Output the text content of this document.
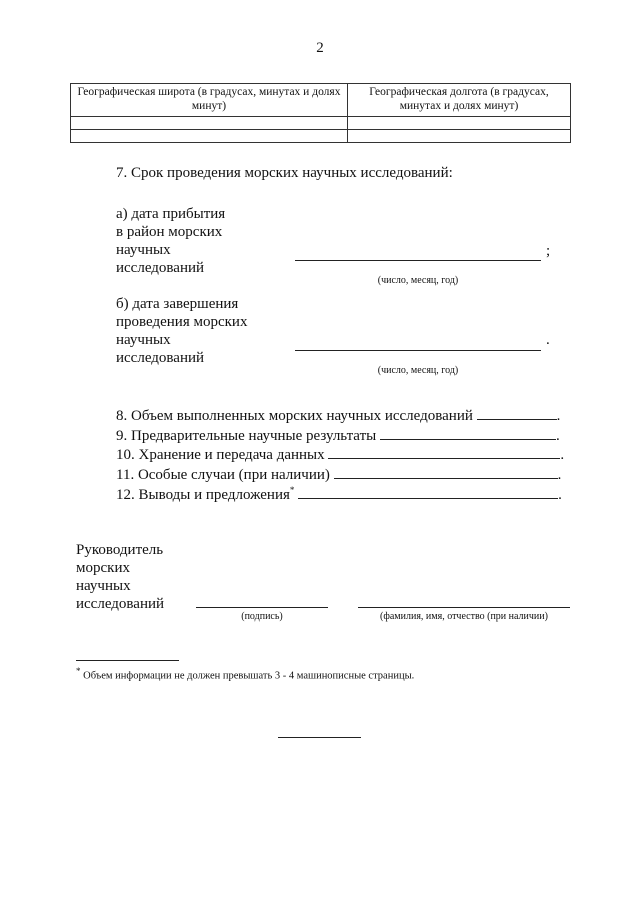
2
Географическая широта (в градусах, минутах и долях минут)	Географическая долгота (в градусах, минутах и долях минут)

7. Срок проведения морских научных исследований:
а) дата прибытия
в район морских
научных
исследований
;
(число, месяц, год)
б) дата завершения
проведения морских
научных
исследований
.
(число, месяц, год)
8. Объем выполненных морских научных исследований	.
9. Предварительные научные результаты	.
10. Хранение и передача данных	.
11. Особые случаи (при наличии)	.
12. Выводы и предложения*	.
Руководитель
морских
научных
исследований
(подпись)	(фамилия, имя, отчество (при наличии)
* Объем информации не должен превышать 3 - 4 машинописные страницы.
